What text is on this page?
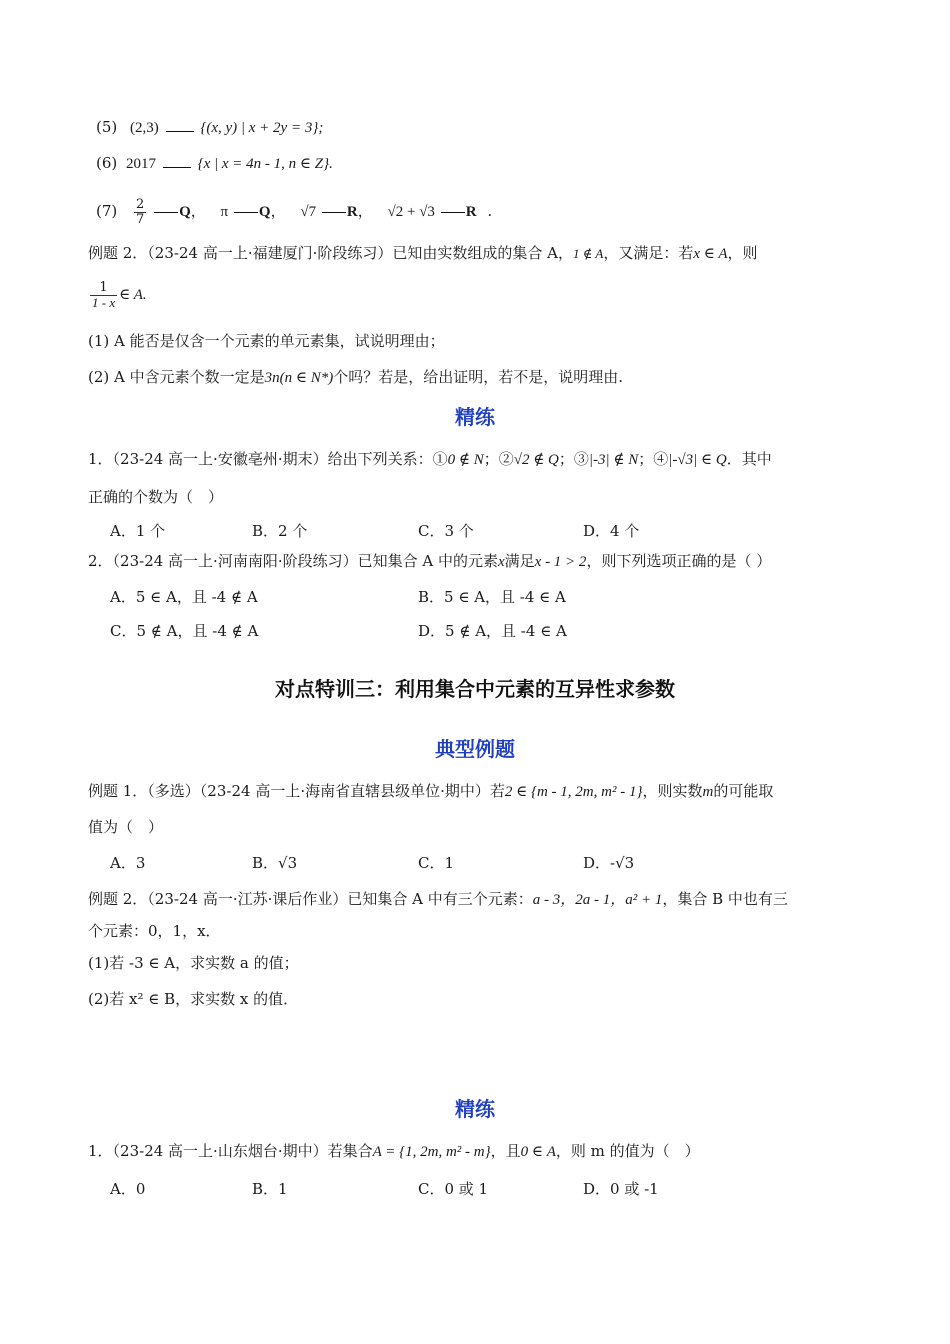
(5) (2,3)	{(x, y) | x + 2y = 3};
(6) 2017	{x | x = 4n - 1, n ∈ Z}.
$(7) \frac{2}{7}$ Q， π Q， √7 R， √2 + √3 R .
例题 2．（23-24 高一上·福建厦门·阶段练习）已知由实数组成的集合 A，1 ∉ A，又满足：若x ∈ A，则
$\frac{1}{1 - x}$ ∈ A.
(1) A 能否是仅含一个元素的单元素集，试说明理由；
(2) A 中含元素个数一定是3n(n ∈ N*)个吗？若是，给出证明，若不是，说明理由.
精练
1．（23-24 高一上·安徽亳州·期末）给出下列关系：①0 ∉ N；②√2 ∉ Q；③|-3| ∉ N；④|-√3| ∈ Q．其中
正确的个数为（　）
A．1 个	B．2 个	C．3 个	D．4 个
2．（23-24 高一上·河南南阳·阶段练习）已知集合 A 中的元素x满足x - 1 > 2，则下列选项正确的是（ ）
A．5 ∈ A，且 -4 ∉ A	B．5 ∈ A，且 -4 ∈ A
C．5 ∉ A，且 -4 ∉ A	D．5 ∉ A，且 -4 ∈ A
对点特训三：利用集合中元素的互异性求参数
典型例题
例题 1．（多选）（23-24 高一上·海南省直辖县级单位·期中）若2 ∈ {m - 1, 2m, m² - 1}，则实数m的可能取
值为（　）
A．3	B．√3	C．1	D．-√3
例题 2．（23-24 高一·江苏·课后作业）已知集合 A 中有三个元素：a - 3，2a - 1，a² + 1，集合 B 中也有三
个元素：0，1，x．
(1)若 -3 ∈ A，求实数 a 的值；
(2)若 x² ∈ B，求实数 x 的值．
精练
1．（23-24 高一上·山东烟台·期中）若集合A = {1, 2m, m² - m}，且0 ∈ A，则 m 的值为（　）
A．0	B．1	C．0 或 1	D．0 或 -1
